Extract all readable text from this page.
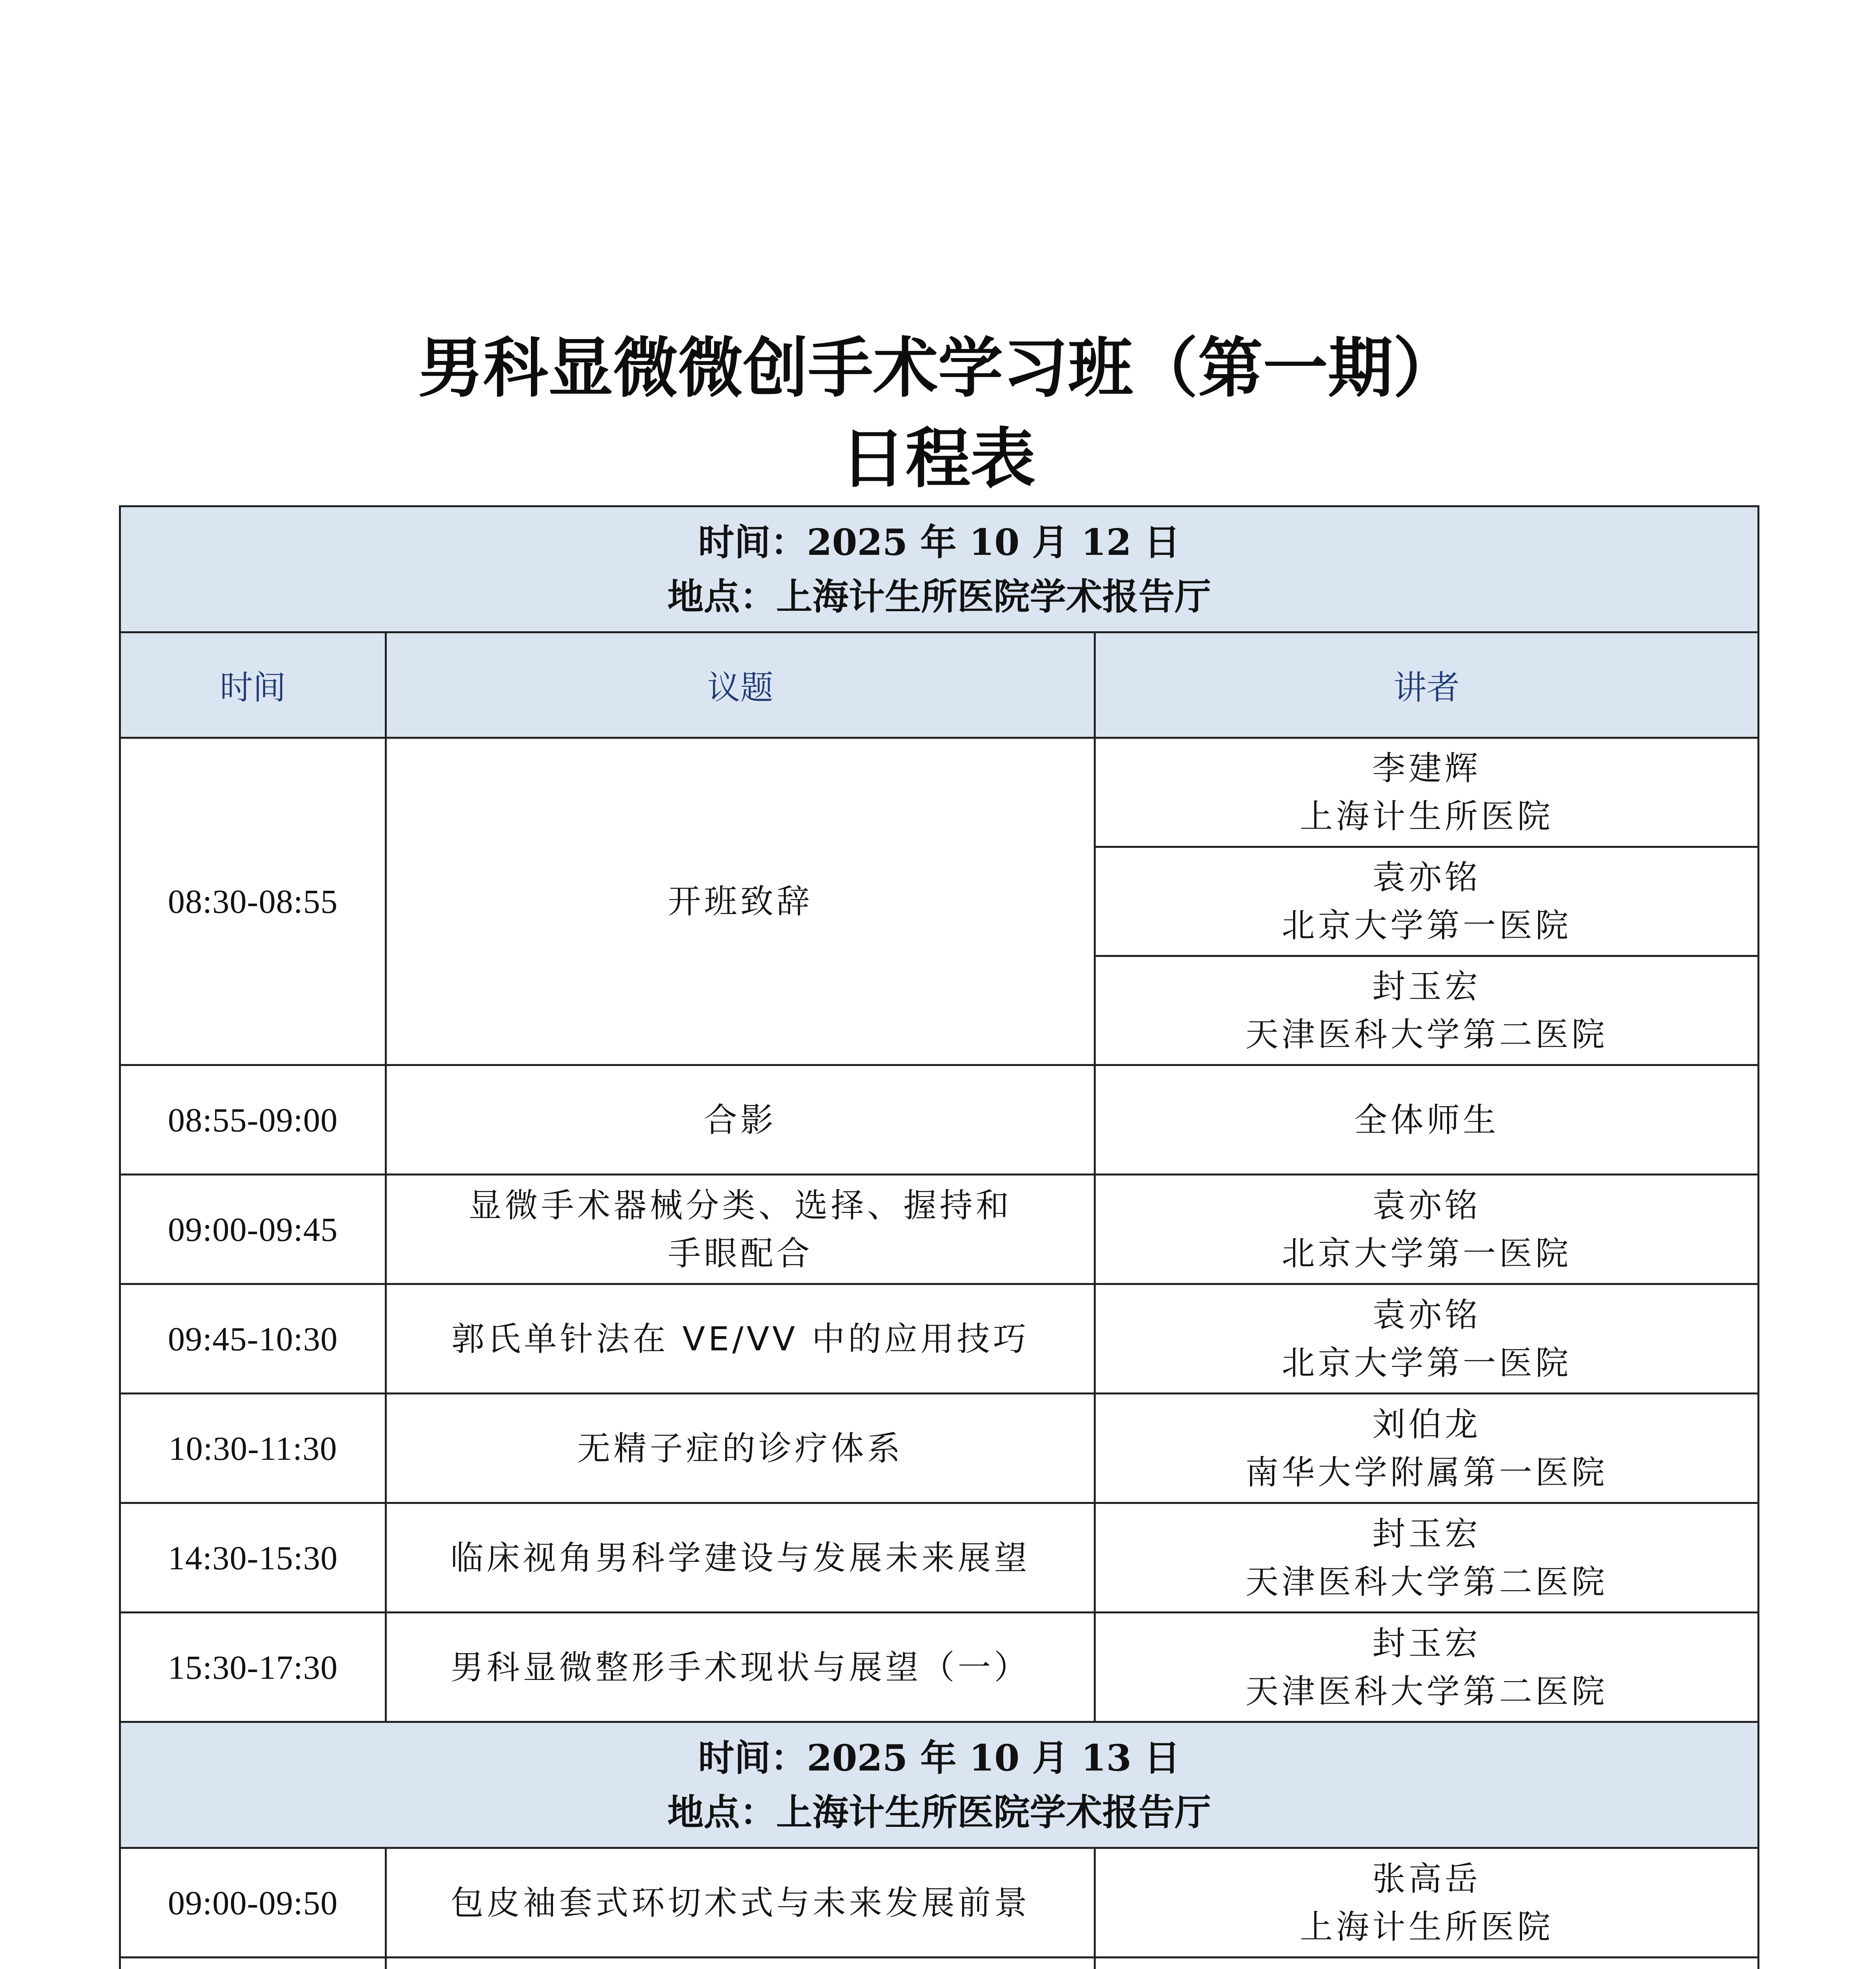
男科显微微创手术学习班（第一期）
日程表
时间：2025 年 10 月 12 日
地点：上海计生所医院学术报告厅		

时间	议题	讲者
08:30-08:55	开班致辞	李建辉
上海计生所医院

		袁亦铭
北京大学第一医院

		封玉宏
天津医科大学第二医院

08:55-09:00	合影	全体师生

09:00-09:45	显微手术器械分类、选择、握持和
手眼配合	袁亦铭
北京大学第一医院

09:45-10:30	郭氏单针法在 VE/VV 中的应用技巧	袁亦铭
北京大学第一医院

10:30-11:30	无精子症的诊疗体系	刘伯龙
南华大学附属第一医院

14:30-15:30	临床视角男科学建设与发展未来展望	封玉宏
天津医科大学第二医院

15:30-17:30	男科显微整形手术现状与展望（一）	封玉宏
天津医科大学第二医院

时间：2025 年 10 月 13 日
地点：上海计生所医院学术报告厅		

09:00-09:50	包皮袖套式环切术式与未来发展前景	张高岳
上海计生所医院
